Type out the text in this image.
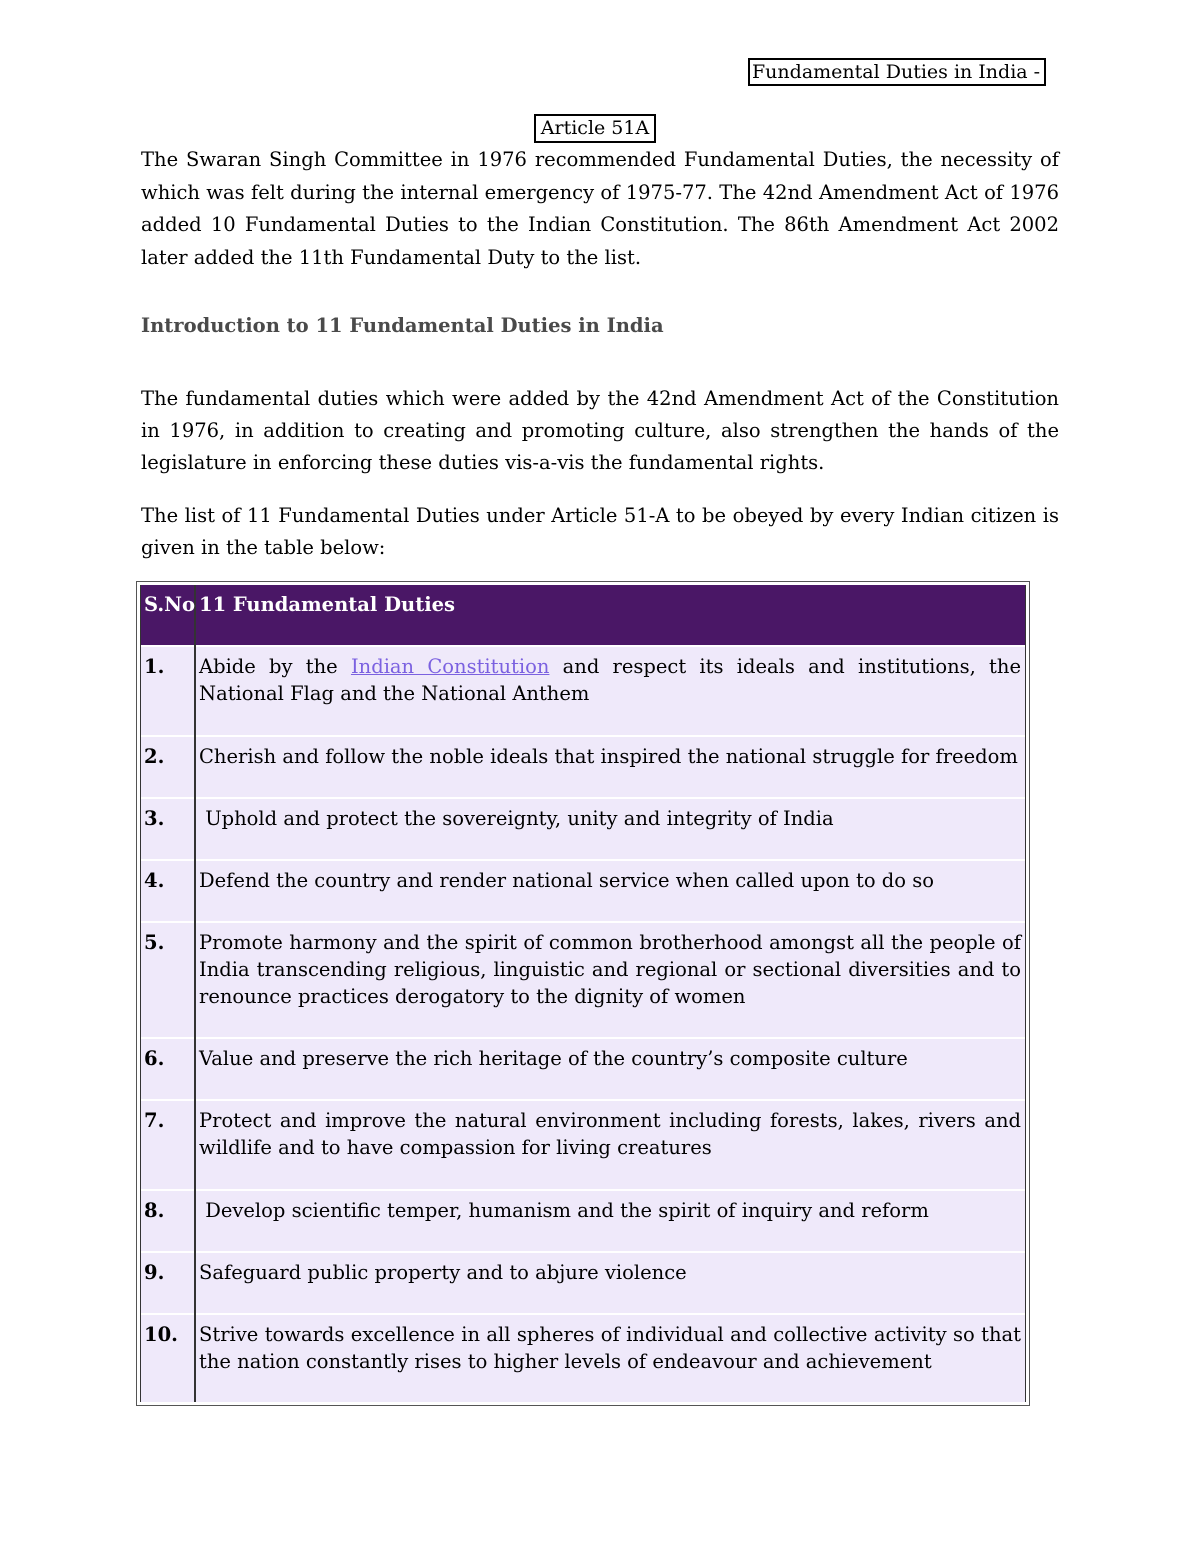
Fundamental Duties in India -
Article 51A

The Swaran Singh Committee in 1976 recommended Fundamental Duties, the necessity of which was felt during the internal emergency of 1975-77. The 42nd Amendment Act of 1976 added 10 Fundamental Duties to the Indian Constitution. The 86th Amendment Act 2002 later added the 11th Fundamental Duty to the list.

Introduction to 11 Fundamental Duties in India

The fundamental duties which were added by the 42nd Amendment Act of the Constitution in 1976, in addition to creating and promoting culture, also strengthen the hands of the legislature in enforcing these duties vis-a-vis the fundamental rights.

The list of 11 Fundamental Duties under Article 51-A to be obeyed by every Indian citizen is given in the table below:

S.No	11 Fundamental Duties

1.	Abide by the Indian Constitution and respect its ideals and institutions, the National Flag and the National Anthem

2.	Cherish and follow the noble ideals that inspired the national struggle for freedom

3.	Uphold and protect the sovereignty, unity and integrity of India

4.	Defend the country and render national service when called upon to do so

5.	Promote harmony and the spirit of common brotherhood amongst all the people of India transcending religious, linguistic and regional or sectional diversities and to renounce practices derogatory to the dignity of women

6.	Value and preserve the rich heritage of the country’s composite culture

7.	Protect and improve the natural environment including forests, lakes, rivers and wildlife and to have compassion for living creatures

8.	Develop scientific temper, humanism and the spirit of inquiry and reform

9.	Safeguard public property and to abjure violence

10.	Strive towards excellence in all spheres of individual and collective activity so that the nation constantly rises to higher levels of endeavour and achievement
